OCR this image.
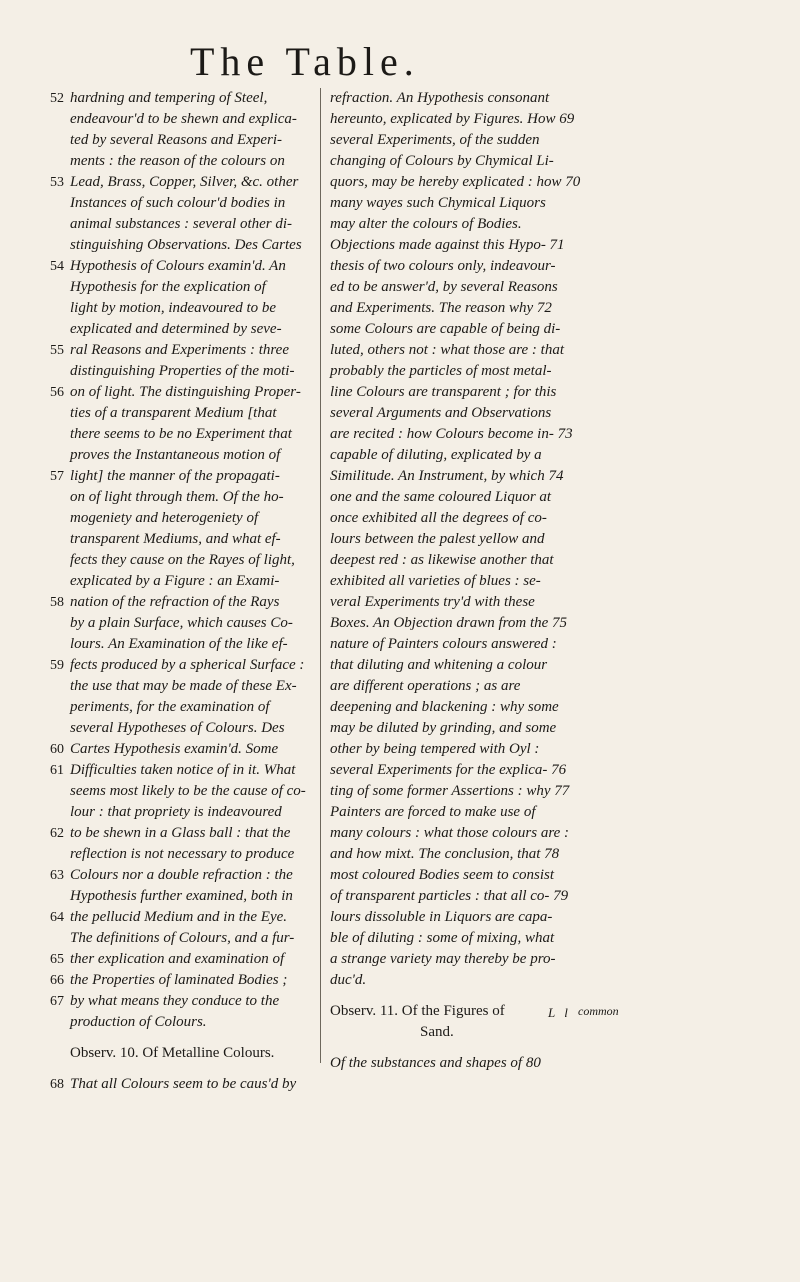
The Table.
52 hardning and tempering of Steel,
endeavour'd to be shewn and explica-
ted by several Reasons and Experi-
ments : the reason of the colours on
53 Lead, Brass, Copper, Silver, &c. other
Instances of such colour'd bodies in
animal substances : several other di-
stinguishing Observations. Des Cartes
54 Hypothesis of Colours examin'd. An
Hypothesis for the explication of
light by motion, indeavoured to be
explicated and determined by seve-
55 ral Reasons and Experiments : three
distinguishing Properties of the moti-
56 on of light. The distinguishing Proper-
ties of a transparent Medium [that
there seems to be no Experiment that
proves the Instantaneous motion of
57 light] the manner of the propagati-
on of light through them. Of the ho-
mogeniety and heterogeniety of
transparent Mediums, and what ef-
fects they cause on the Rayes of light,
explicated by a Figure : an Exami-
58 nation of the refraction of the Rays
by a plain Surface, which causes Co-
lours. An Examination of the like ef-
59 fects produced by a spherical Surface :
the use that may be made of these Ex-
periments, for the examination of
several Hypotheses of Colours. Des
60 Cartes Hypothesis examin'd. Some
61 Difficulties taken notice of in it. What
seems most likely to be the cause of co-
lour : that propriety is indeavoured
62 to be shewn in a Glass ball : that the
reflection is not necessary to produce
63 Colours nor a double refraction : the
Hypothesis further examined, both in
64 the pellucid Medium and in the Eye.
The definitions of Colours, and a fur-
65 ther explication and examination of
66 the Properties of laminated Bodies ;
67 by what means they conduce to the
production of Colours.
Observ. 10. Of Metalline Colours.
68 That all Colours seem to be caus'd by
refraction. An Hypothesis consonant
hereunto, explicated by Figures. How 69
several Experiments, of the sudden
changing of Colours by Chymical Li-
quors, may be hereby explicated : how 70
many wayes such Chymical Liquors
may alter the colours of Bodies.
Objections made against this Hypo- 71
thesis of two colours only, indeavour-
ed to be answer'd, by several Reasons
and Experiments. The reason why 72
some Colours are capable of being di-
luted, others not : what those are : that
probably the particles of most metal-
line Colours are transparent ; for this
several Arguments and Observations
are recited : how Colours become in- 73
capable of diluting, explicated by a
Similitude. An Instrument, by which 74
one and the same coloured Liquor at
once exhibited all the degrees of co-
lours between the palest yellow and
deepest red : as likewise another that
exhibited all varieties of blues : se-
veral Experiments try'd with these
Boxes. An Objection drawn from the 75
nature of Painters colours answered :
that diluting and whitening a colour
are different operations ; as are
deepening and blackening : why some
may be diluted by grinding, and some
other by being tempered with Oyl :
several Experiments for the explica- 76
ting of some former Assertions : why 77
Painters are forced to make use of
many colours : what those colours are :
and how mixt. The conclusion, that 78
most coloured Bodies seem to consist
of transparent particles : that all co- 79
lours dissoluble in Liquors are capa-
ble of diluting : some of mixing, what
a strange variety may thereby be pro-
duc'd.
Observ. 11. Of the Figures of
Sand.
Of the substances and shapes of 80
L l common
